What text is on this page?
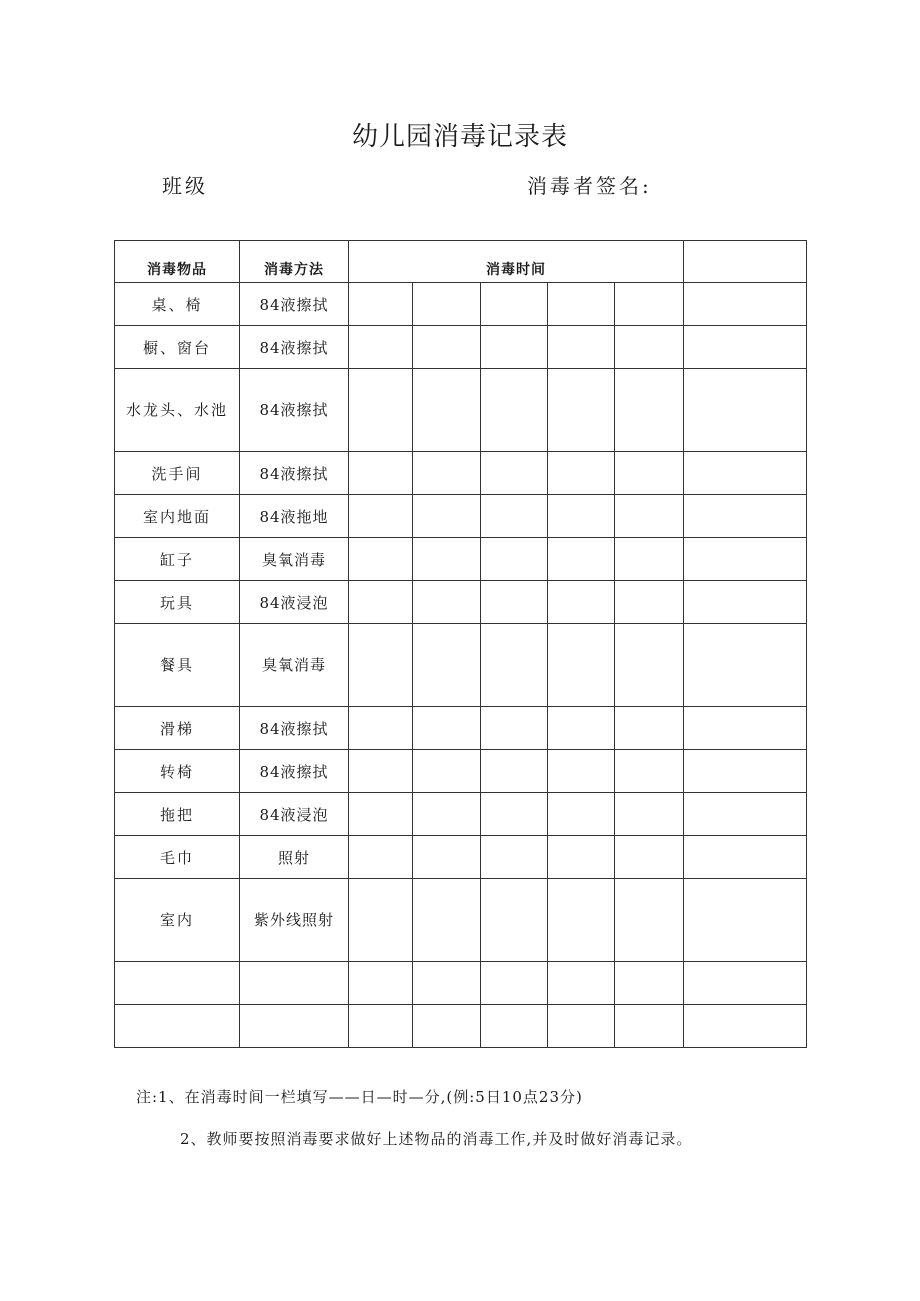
幼儿园消毒记录表
班级	消毒者签名:
消毒物品	消毒方法	消毒时间					
桌、椅	84液擦拭						
橱、窗台	84液擦拭						
水龙头、水池	84液擦拭						
洗手间	84液擦拭						
室内地面	84液拖地						
缸子	臭氧消毒						
玩具	84液浸泡						
餐具	臭氧消毒						
滑梯	84液擦拭						
转椅	84液擦拭						
拖把	84液浸泡						
毛巾	照射						
室内	紫外线照射						

注:1、在消毒时间一栏填写——日—时—分,(例:5日10点23分)
2、教师要按照消毒要求做好上述物品的消毒工作,并及时做好消毒记录。
